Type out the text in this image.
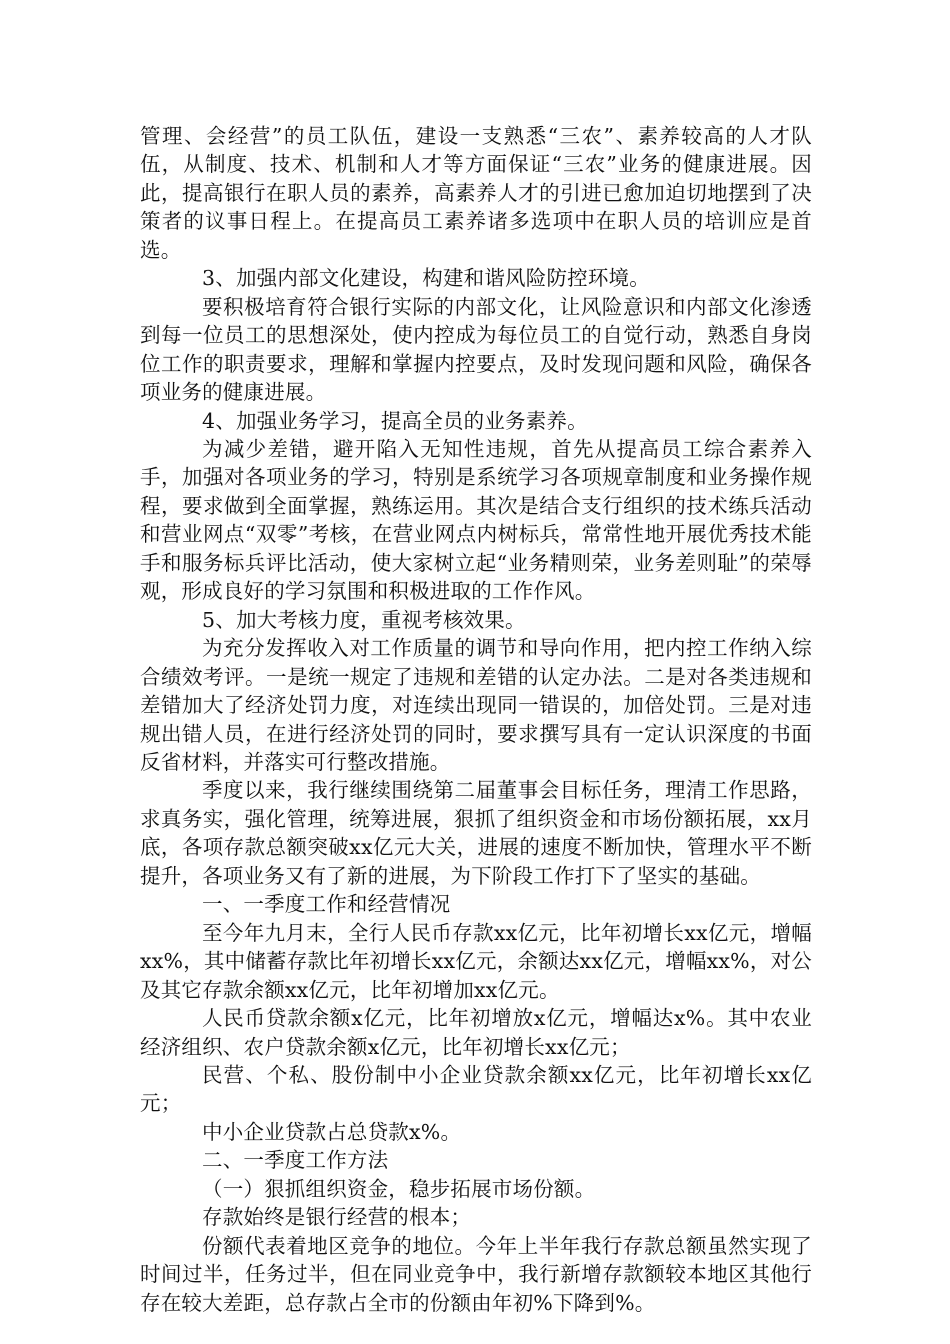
管理、会经营”的员工队伍，建设一支熟悉“三农”、素养较高的人才队伍，从制度、技术、机制和人才等方面保证“三农”业务的健康进展。因此，提高银行在职人员的素养，高素养人才的引进已愈加迫切地摆到了决策者的议事日程上。在提高员工素养诸多选项中在职人员的培训应是首选。

3、加强内部文化建设，构建和谐风险防控环境。

要积极培育符合银行实际的内部文化，让风险意识和内部文化渗透到每一位员工的思想深处，使内控成为每位员工的自觉行动，熟悉自身岗位工作的职责要求，理解和掌握内控要点，及时发现问题和风险，确保各项业务的健康进展。

4、加强业务学习，提高全员的业务素养。

为减少差错，避开陷入无知性违规，首先从提高员工综合素养入手，加强对各项业务的学习，特别是系统学习各项规章制度和业务操作规程，要求做到全面掌握，熟练运用。其次是结合支行组织的技术练兵活动和营业网点“双零”考核，在营业网点内树标兵，常常性地开展优秀技术能手和服务标兵评比活动，使大家树立起“业务精则荣，业务差则耻”的荣辱观，形成良好的学习氛围和积极进取的工作作风。

5、加大考核力度，重视考核效果。

为充分发挥收入对工作质量的调节和导向作用，把内控工作纳入综合绩效考评。一是统一规定了违规和差错的认定办法。二是对各类违规和差错加大了经济处罚力度，对连续出现同一错误的，加倍处罚。三是对违规出错人员，在进行经济处罚的同时，要求撰写具有一定认识深度的书面反省材料，并落实可行整改措施。

季度以来，我行继续围绕第二届董事会目标任务，理清工作思路，求真务实，强化管理，统筹进展，狠抓了组织资金和市场份额拓展，xx月底，各项存款总额突破xx亿元大关，进展的速度不断加快，管理水平不断提升，各项业务又有了新的进展，为下阶段工作打下了坚实的基础。

一、一季度工作和经营情况

至今年九月末，全行人民币存款xx亿元，比年初增长xx亿元，增幅xx%，其中储蓄存款比年初增长xx亿元，余额达xx亿元，增幅xx%，对公及其它存款余额xx亿元，比年初增加xx亿元。

人民币贷款余额x亿元，比年初增放x亿元，增幅达x%。其中农业经济组织、农户贷款余额x亿元，比年初增长xx亿元；

民营、个私、股份制中小企业贷款余额xx亿元，比年初增长xx亿元；

中小企业贷款占总贷款x%。

二、一季度工作方法

（一）狠抓组织资金，稳步拓展市场份额。

存款始终是银行经营的根本；

份额代表着地区竞争的地位。今年上半年我行存款总额虽然实现了时间过半，任务过半，但在同业竞争中，我行新增存款额较本地区其他行存在较大差距，总存款占全市的份额由年初%下降到%。
